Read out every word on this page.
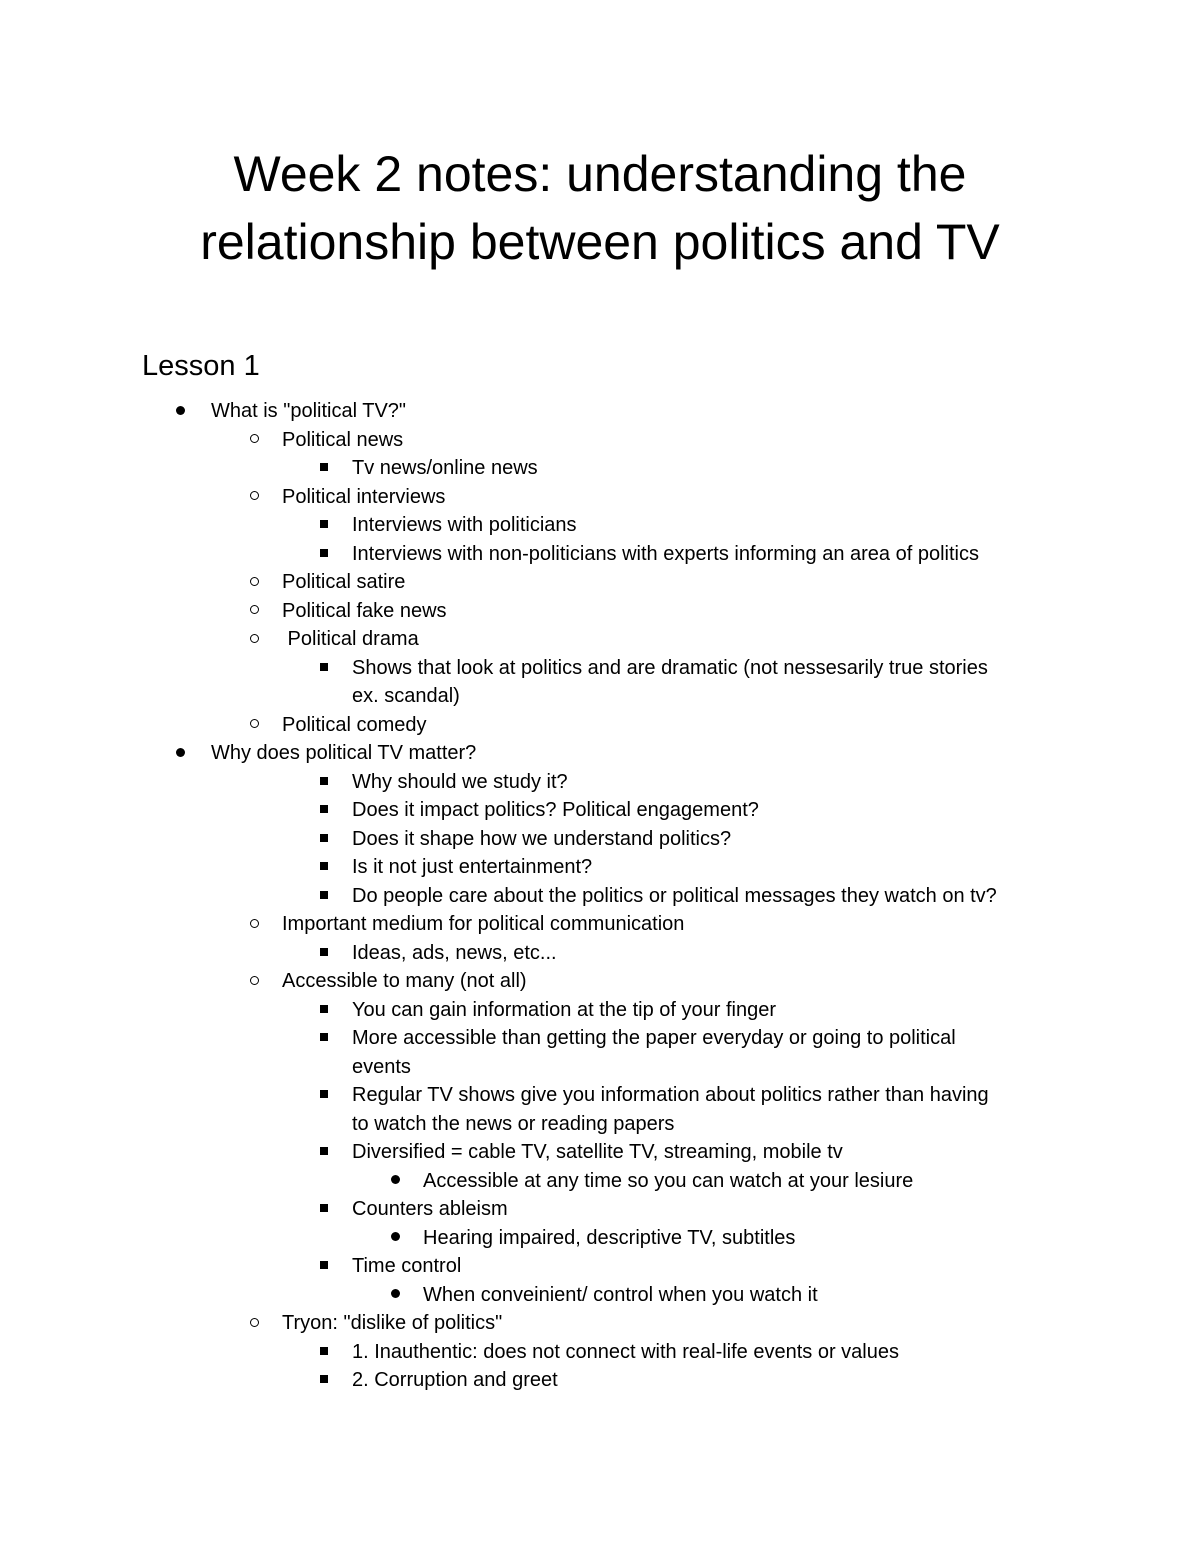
Week 2 notes: understanding the
relationship between politics and TV
Lesson 1
What is "political TV?"
Political news
Tv news/online news
Political interviews
Interviews with politicians
Interviews with non-politicians with experts informing an area of politics
Political satire
Political fake news
Political drama
Shows that look at politics and are dramatic (not nessesarily true stories
ex. scandal)
Political comedy
Why does political TV matter?
Why should we study it?
Does it impact politics? Political engagement?
Does it shape how we understand politics?
Is it not just entertainment?
Do people care about the politics or political messages they watch on tv?
Important medium for political communication
Ideas, ads, news, etc...
Accessible to many (not all)
You can gain information at the tip of your finger
More accessible than getting the paper everyday or going to political
events
Regular TV shows give you information about politics rather than having
to watch the news or reading papers
Diversified = cable TV, satellite TV, streaming, mobile tv
Accessible at any time so you can watch at your lesiure
Counters ableism
Hearing impaired, descriptive TV, subtitles
Time control
When conveinient/ control when you watch it
Tryon: "dislike of politics"
1. Inauthentic: does not connect with real-life events or values
2. Corruption and greet
